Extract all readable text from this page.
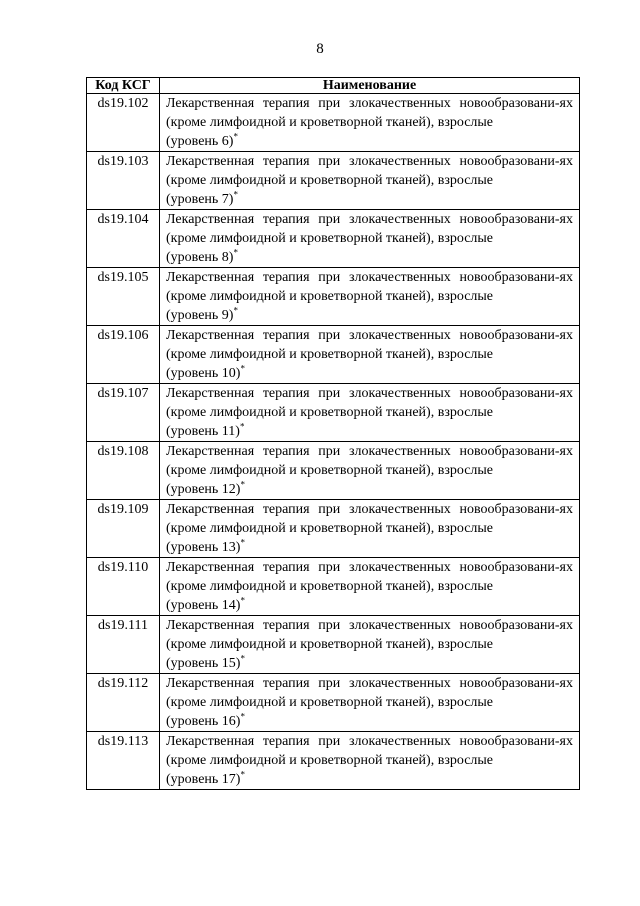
8
Код КСГ	Наименование
ds19.102	Лекарственная терапия при злокачественных новообразовани-ях (кроме лимфоидной и кроветворной тканей), взрослые
(уровень 6)*
ds19.103	Лекарственная терапия при злокачественных новообразовани-ях (кроме лимфоидной и кроветворной тканей), взрослые
(уровень 7)*
ds19.104	Лекарственная терапия при злокачественных новообразовани-ях (кроме лимфоидной и кроветворной тканей), взрослые
(уровень 8)*
ds19.105	Лекарственная терапия при злокачественных новообразовани-ях (кроме лимфоидной и кроветворной тканей), взрослые
(уровень 9)*
ds19.106	Лекарственная терапия при злокачественных новообразовани-ях (кроме лимфоидной и кроветворной тканей), взрослые
(уровень 10)*
ds19.107	Лекарственная терапия при злокачественных новообразовани-ях (кроме лимфоидной и кроветворной тканей), взрослые
(уровень 11)*
ds19.108	Лекарственная терапия при злокачественных новообразовани-ях (кроме лимфоидной и кроветворной тканей), взрослые
(уровень 12)*
ds19.109	Лекарственная терапия при злокачественных новообразовани-ях (кроме лимфоидной и кроветворной тканей), взрослые
(уровень 13)*
ds19.110	Лекарственная терапия при злокачественных новообразовани-ях (кроме лимфоидной и кроветворной тканей), взрослые
(уровень 14)*
ds19.111	Лекарственная терапия при злокачественных новообразовани-ях (кроме лимфоидной и кроветворной тканей), взрослые
(уровень 15)*
ds19.112	Лекарственная терапия при злокачественных новообразовани-ях (кроме лимфоидной и кроветворной тканей), взрослые
(уровень 16)*
ds19.113	Лекарственная терапия при злокачественных новообразовани-ях (кроме лимфоидной и кроветворной тканей), взрослые
(уровень 17)*
